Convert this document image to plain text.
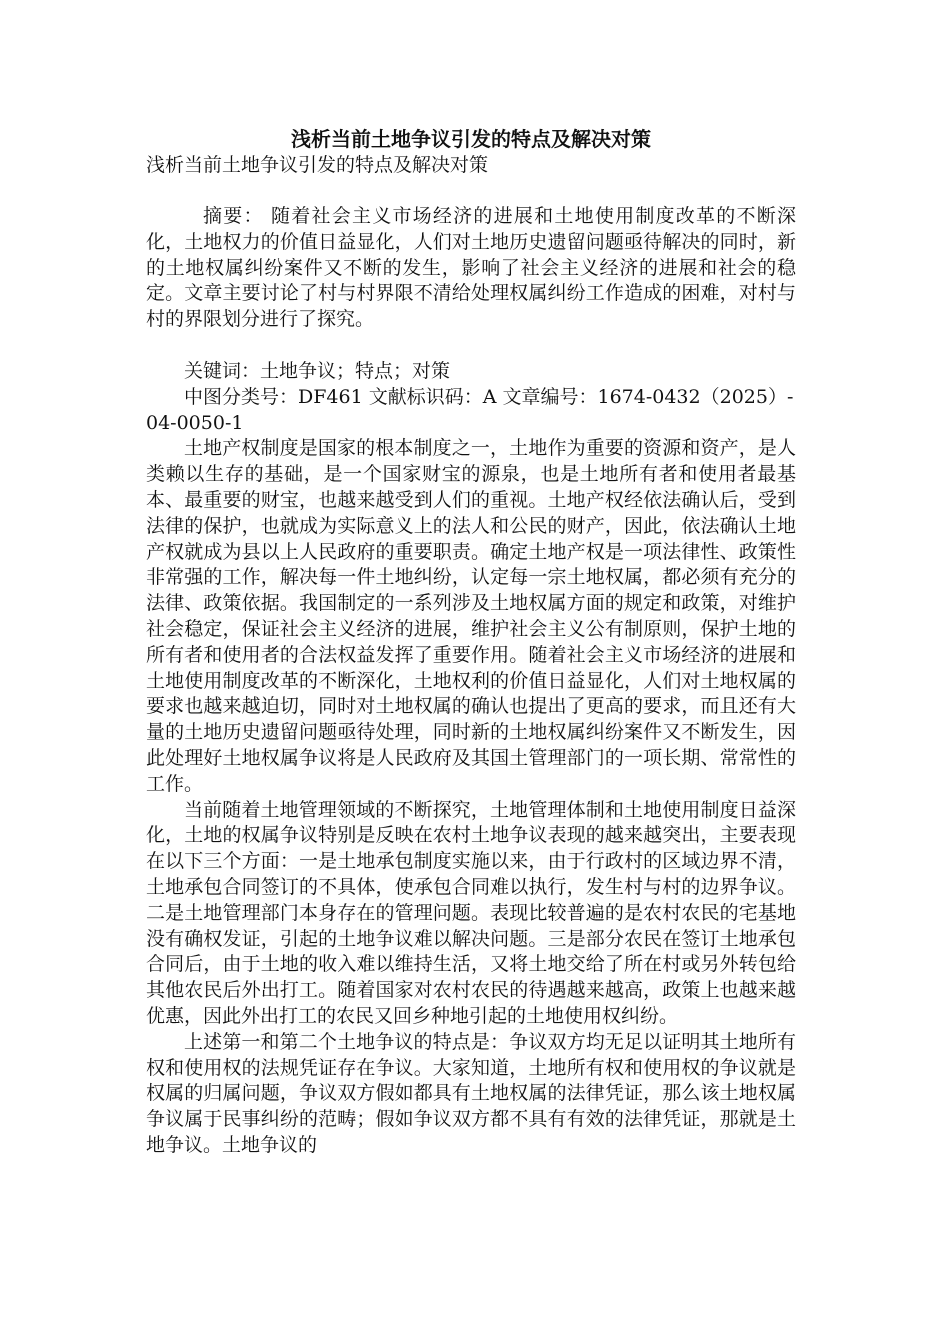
浅析当前土地争议引发的特点及解决对策

浅析当前土地争议引发的特点及解决对策

摘要： 随着社会主义市场经济的进展和土地使用制度改革的不断深化，土地权力的价值日益显化，人们对土地历史遗留问题亟待解决的同时，新的土地权属纠纷案件又不断的发生，影响了社会主义经济的进展和社会的稳定。文章主要讨论了村与村界限不清给处理权属纠纷工作造成的困难，对村与村的界限划分进行了探究。

关键词：土地争议；特点；对策

中图分类号：DF461 文献标识码：A 文章编号：1674-0432（2025）-04-0050-1

土地产权制度是国家的根本制度之一，土地作为重要的资源和资产，是人类赖以生存的基础，是一个国家财宝的源泉，也是土地所有者和使用者最基本、最重要的财宝，也越来越受到人们的重视。土地产权经依法确认后，受到法律的保护，也就成为实际意义上的法人和公民的财产，因此，依法确认土地产权就成为县以上人民政府的重要职责。确定土地产权是一项法律性、政策性非常强的工作，解决每一件土地纠纷，认定每一宗土地权属，都必须有充分的法律、政策依据。我国制定的一系列涉及土地权属方面的规定和政策，对维护社会稳定，保证社会主义经济的进展，维护社会主义公有制原则，保护土地的所有者和使用者的合法权益发挥了重要作用。随着社会主义市场经济的进展和土地使用制度改革的不断深化，土地权利的价值日益显化，人们对土地权属的要求也越来越迫切，同时对土地权属的确认也提出了更高的要求，而且还有大量的土地历史遗留问题亟待处理，同时新的土地权属纠纷案件又不断发生，因此处理好土地权属争议将是人民政府及其国土管理部门的一项长期、常常性的工作。

当前随着土地管理领域的不断探究，土地管理体制和土地使用制度日益深化，土地的权属争议特别是反映在农村土地争议表现的越来越突出，主要表现在以下三个方面：一是土地承包制度实施以来，由于行政村的区域边界不清，土地承包合同签订的不具体，使承包合同难以执行，发生村与村的边界争议。二是土地管理部门本身存在的管理问题。表现比较普遍的是农村农民的宅基地没有确权发证，引起的土地争议难以解决问题。三是部分农民在签订土地承包合同后，由于土地的收入难以维持生活，又将土地交给了所在村或另外转包给其他农民后外出打工。随着国家对农村农民的待遇越来越高，政策上也越来越优惠，因此外出打工的农民又回乡种地引起的土地使用权纠纷。

上述第一和第二个土地争议的特点是：争议双方均无足以证明其土地所有权和使用权的法规凭证存在争议。大家知道，土地所有权和使用权的争议就是权属的归属问题，争议双方假如都具有土地权属的法律凭证，那么该土地权属争议属于民事纠纷的范畴；假如争议双方都不具有有效的法律凭证，那就是土地争议。土地争议的
